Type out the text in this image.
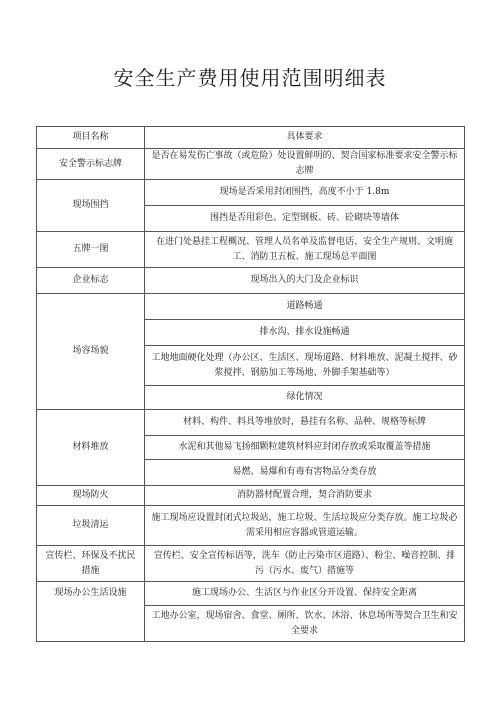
安全生产费用使用范围明细表
项目名称	具体要求
安全警示标志牌	是否在易发伤亡事故（或危险）处设置鲜明的、契合国家标准要求安全警示标志牌
现场围挡	现场是否采用封闭围挡，高度不小于 1.8m
	围挡是否用彩色、定型钢板、砖、砼砌块等墙体
五牌一图	在进门处悬挂工程概况、管理人员名单及监督电话、安全生产规则、文明施工、消防卫五板、施工现场总平面图
企业标志	现场出入的大门及企业标识
场容场貌	道路畅通
	排水沟、排水设施畅通
	工地地面硬化处理（办公区、生活区、现场道路、材料堆放、泥凝土搅拌、砂浆搅拌、钢筋加工等场地、外脚手架基础等）
	绿化情况
材料堆放	材料、构件、料具等堆放时，悬挂有名称、品种、规格等标牌
	水泥和其他易飞扬细颗粒建筑材料应封闭存放或采取覆盖等措施
	易燃、易爆和有毒有害物品分类存放
现场防火	消防器材配置合理，契合消防要求
垃圾清运	施工现场应设置封闭式垃圾站，施工垃圾、生活垃圾应分类存放。施工垃圾必需采用相应容器或管道运输。
宣传栏、环保及不扰民措施	宣传栏、安全宣传标语等，洗车（防止污染市区道路）、粉尘、噪音控制、排污（污水、废气）措施等
现场办公生活设施	施工现场办公、生活区与作业区分开设置、保持安全距离
	工地办公室，现场宿舍、食堂、厕所、饮水、沐浴、休息场所等契合卫生和安全要求
